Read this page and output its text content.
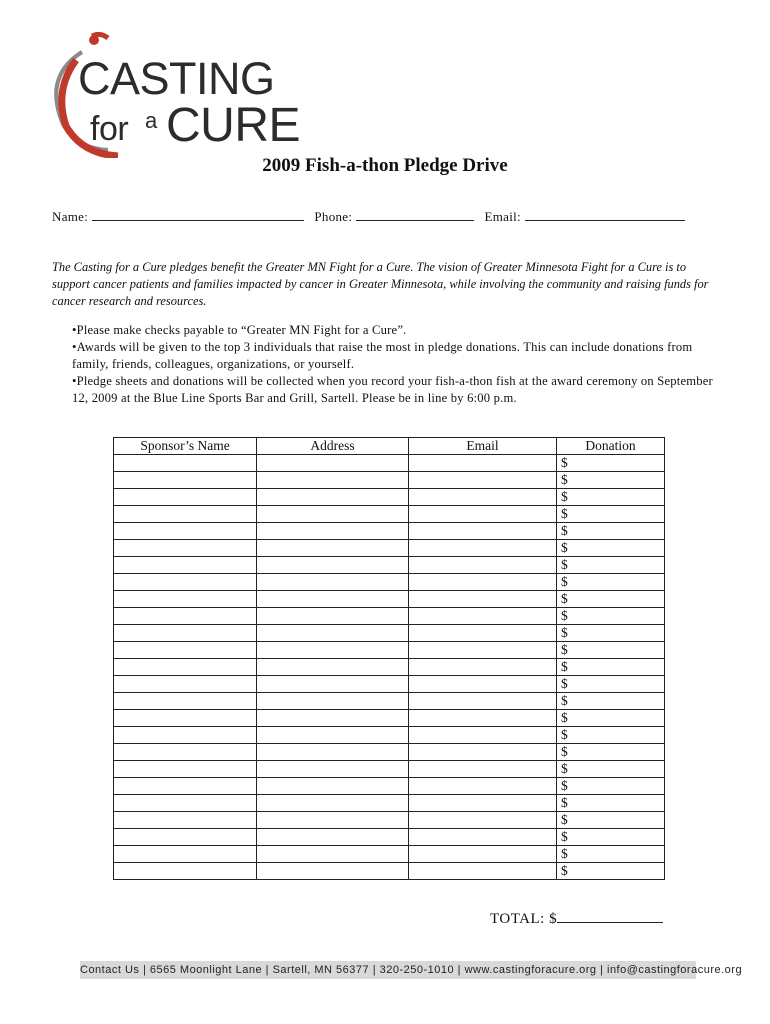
CASTING
for a CURE
2009 Fish-a-thon Pledge Drive
Name:	Phone:	Email:
The Casting for a Cure pledges benefit the Greater MN Fight for a Cure. The vision of Greater Minnesota Fight for a Cure is to support cancer patients and families impacted by cancer in Greater Minnesota, while involving the community and raising funds for cancer research and resources.
•Please make checks payable to “Greater MN Fight for a Cure”.
•Awards will be given to the top 3 individuals that raise the most in pledge donations. This can include donations from family, friends, colleagues, organizations, or yourself.
•Pledge sheets and donations will be collected when you record your fish-a-thon fish at the award ceremony on September 12, 2009 at the Blue Line Sports Bar and Grill, Sartell. Please be in line by 6:00 p.m.
Sponsor’s Name	Address	Email	Donation
			$
			$
			$
			$
			$
			$
			$
			$
			$
			$
			$
			$
			$
			$
			$
			$
			$
			$
			$
			$
			$
			$
			$
			$
			$
TOTAL: $
Contact Us | 6565 Moonlight Lane | Sartell, MN 56377 | 320-250-1010 | www.castingforacure.org | info@castingforacure.org
